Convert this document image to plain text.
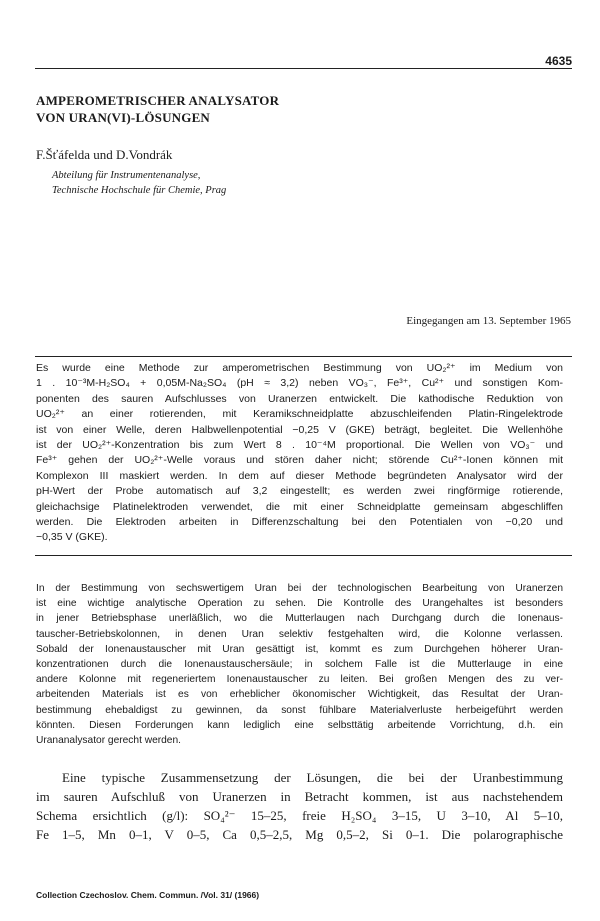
4635
AMPEROMETRISCHER ANALYSATOR
VON URAN(VI)-LÖSUNGEN
F.Šťáfelda und D.Vondrák
Abteilung für Instrumentenanalyse,
Technische Hochschule für Chemie, Prag
Eingegangen am 13. September 1965
Es wurde eine Methode zur amperometrischen Bestimmung von UO₂²⁺ im Medium von
1 . 10⁻³M-H₂SO₄ + 0,05M-Na₂SO₄ (pH ≈ 3,2) neben VO₃⁻, Fe³⁺, Cu²⁺ und sonstigen Kom-
ponenten des sauren Aufschlusses von Uranerzen entwickelt. Die kathodische Reduktion von
UO₂²⁺ an einer rotierenden, mit Keramikschneidplatte abzuschleifenden Platin-Ringelektrode
ist von einer Welle, deren Halbwellenpotential −0,25 V (GKE) beträgt, begleitet. Die Wellenhöhe
ist der UO₂²⁺-Konzentration bis zum Wert 8 . 10⁻⁴M proportional. Die Wellen von VO₃⁻ und
Fe³⁺ gehen der UO₂²⁺-Welle voraus und stören daher nicht; störende Cu²⁺-Ionen können mit
Komplexon III maskiert werden. In dem auf dieser Methode begründeten Analysator wird der
pH-Wert der Probe automatisch auf 3,2 eingestellt; es werden zwei ringförmige rotierende,
gleichachsige Platinelektroden verwendet, die mit einer Schneidplatte gemeinsam abgeschliffen
werden. Die Elektroden arbeiten in Differenzschaltung bei den Potentialen von −0,20 und
−0,35 V (GKE).
In der Bestimmung von sechswertigem Uran bei der technologischen Bearbeitung von Uranerzen
ist eine wichtige analytische Operation zu sehen. Die Kontrolle des Urangehaltes ist besonders
in jener Betriebsphase unerläßlich, wo die Mutterlaugen nach Durchgang durch die Ionenaus-
tauscher-Betriebskolonnen, in denen Uran selektiv festgehalten wird, die Kolonne verlassen.
Sobald der Ionenaustauscher mit Uran gesättigt ist, kommt es zum Durchgehen höherer Uran-
konzentrationen durch die Ionenaustauschersäule; in solchem Falle ist die Mutterlauge in eine
andere Kolonne mit regeneriertem Ionenaustauscher zu leiten. Bei großen Mengen des zu ver-
arbeitenden Materials ist es von erheblicher ökonomischer Wichtigkeit, das Resultat der Uran-
bestimmung ehebaldigst zu gewinnen, da sonst fühlbare Materialverluste herbeigeführt werden
könnten. Diesen Forderungen kann lediglich eine selbsttätig arbeitende Vorrichtung, d.h. ein
Urananalysator gerecht werden.
Eine typische Zusammensetzung der Lösungen, die bei der Uranbestimmung
im sauren Aufschluß von Uranerzen in Betracht kommen, ist aus nachstehendem
Schema ersichtlich (g/l): SO₄²⁻ 15–25, freie H₂SO₄ 3–15, U 3–10, Al 5–10,
Fe 1–5, Mn 0–1, V 0–5, Ca 0,5–2,5, Mg 0,5–2, Si 0–1. Die polarographische
Collection Czechoslov. Chem. Commun. /Vol. 31/ (1966)
